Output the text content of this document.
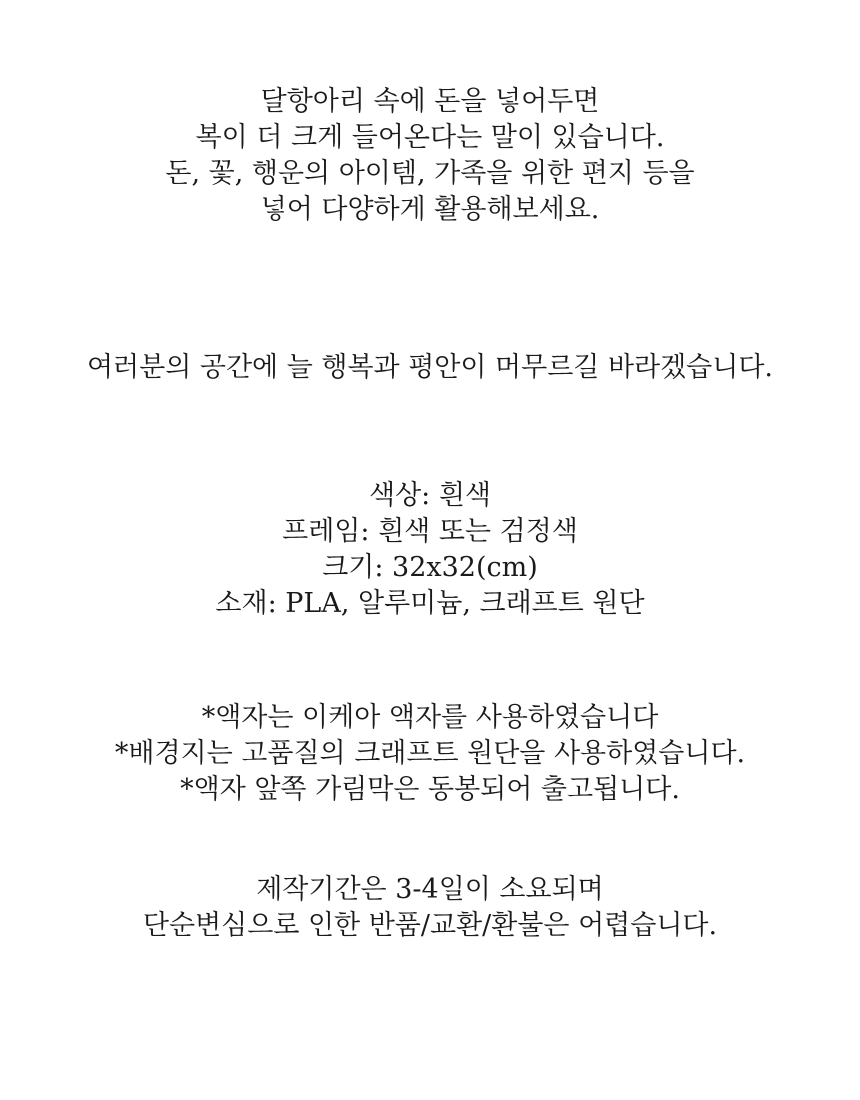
달항아리 속에 돈을 넣어두면
복이 더 크게 들어온다는 말이 있습니다.
돈, 꽃, 행운의 아이템, 가족을 위한 편지 등을
넣어 다양하게 활용해보세요.
여러분의 공간에 늘 행복과 평안이 머무르길 바라겠습니다.
색상: 흰색
프레임: 흰색 또는 검정색
크기: 32x32(cm)
소재: PLA, 알루미늄, 크래프트 원단
*액자는 이케아 액자를 사용하였습니다
*배경지는 고품질의 크래프트 원단을 사용하였습니다.
*액자 앞쪽 가림막은 동봉되어 출고됩니다.
제작기간은 3-4일이 소요되며
단순변심으로 인한 반품/교환/환불은 어렵습니다.
